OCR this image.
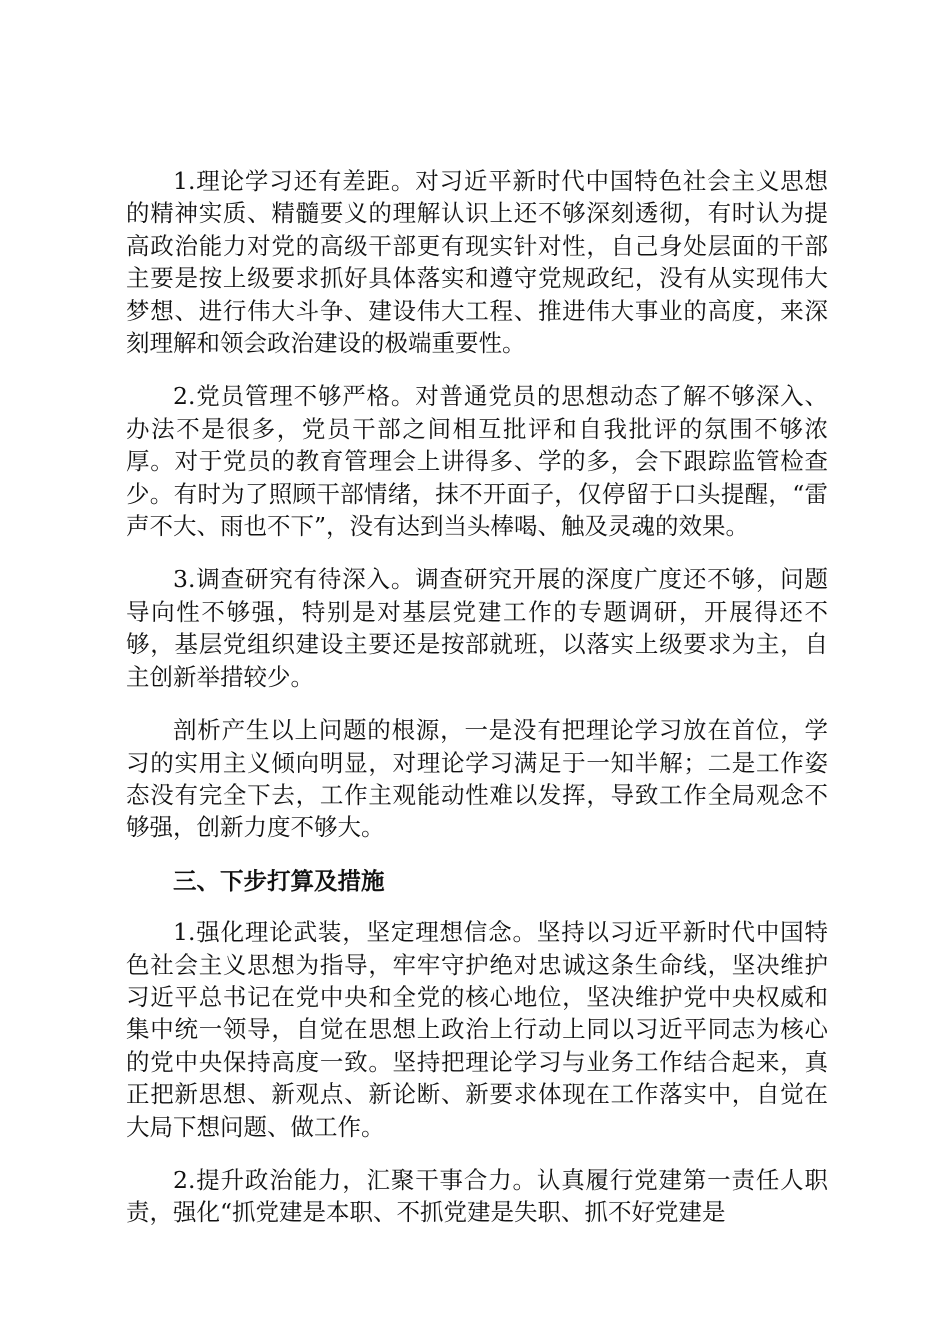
1.理论学习还有差距。对习近平新时代中国特色社会主义思想的精神实质、精髓要义的理解认识上还不够深刻透彻，有时认为提高政治能力对党的高级干部更有现实针对性，自己身处层面的干部主要是按上级要求抓好具体落实和遵守党规政纪，没有从实现伟大梦想、进行伟大斗争、建设伟大工程、推进伟大事业的高度，来深刻理解和领会政治建设的极端重要性。

2.党员管理不够严格。对普通党员的思想动态了解不够深入、办法不是很多，党员干部之间相互批评和自我批评的氛围不够浓厚。对于党员的教育管理会上讲得多、学的多，会下跟踪监管检查少。有时为了照顾干部情绪，抹不开面子，仅停留于口头提醒，“雷声不大、雨也不下”，没有达到当头棒喝、触及灵魂的效果。

3.调查研究有待深入。调查研究开展的深度广度还不够，问题导向性不够强，特别是对基层党建工作的专题调研，开展得还不够，基层党组织建设主要还是按部就班，以落实上级要求为主，自主创新举措较少。

剖析产生以上问题的根源，一是没有把理论学习放在首位，学习的实用主义倾向明显，对理论学习满足于一知半解；二是工作姿态没有完全下去，工作主观能动性难以发挥，导致工作全局观念不够强，创新力度不够大。

三、下步打算及措施

1.强化理论武装，坚定理想信念。坚持以习近平新时代中国特色社会主义思想为指导，牢牢守护绝对忠诚这条生命线，坚决维护习近平总书记在党中央和全党的核心地位，坚决维护党中央权威和集中统一领导，自觉在思想上政治上行动上同以习近平同志为核心的党中央保持高度一致。坚持把理论学习与业务工作结合起来，真正把新思想、新观点、新论断、新要求体现在工作落实中，自觉在大局下想问题、做工作。

2.提升政治能力，汇聚干事合力。认真履行党建第一责任人职责，强化“抓党建是本职、不抓党建是失职、抓不好党建是
